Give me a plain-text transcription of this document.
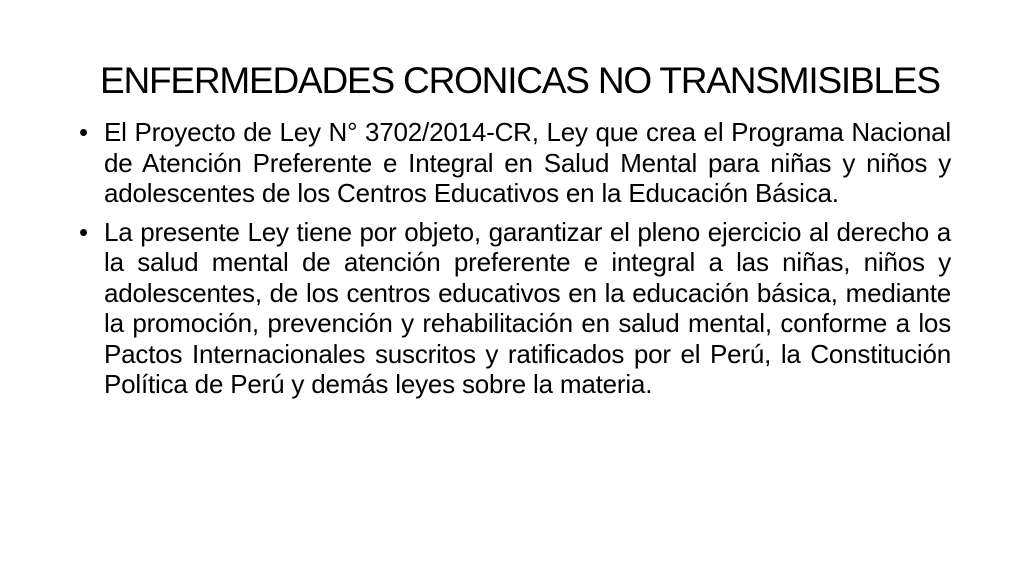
ENFERMEDADES CRONICAS NO TRANSMISIBLES
• El Proyecto de Ley N° 3702/2014-CR, Ley que crea el Programa Nacional de Atención Preferente e Integral en Salud Mental para niñas y niños y adolescentes de los Centros Educativos en la Educación Básica.
• La presente Ley tiene por objeto, garantizar el pleno ejercicio al derecho a la salud mental de atención preferente e integral a las niñas, niños y adolescentes, de los centros educativos en la educación básica, mediante la promoción, prevención y rehabilitación en salud mental, conforme a los Pactos Internacionales suscritos y ratificados por el Perú, la Constitución Política de Perú y demás leyes sobre la materia.
